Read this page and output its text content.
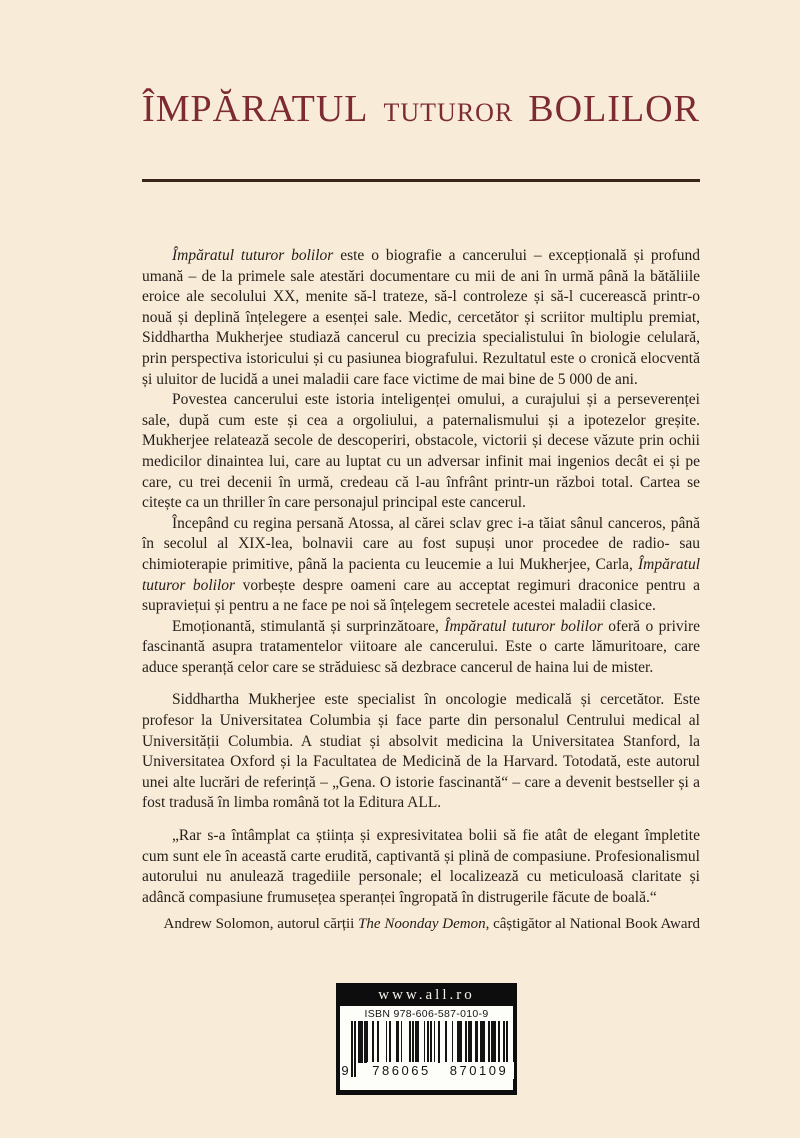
ÎMPĂRATUL TUTUROR BOLILOR

Împăratul tuturor bolilor este o biografie a cancerului – excepțională și profund umană – de la primele sale atestări documentare cu mii de ani în urmă până la bătăliile eroice ale secolului XX, menite să-l trateze, să-l controleze și să-l cucerească printr-o nouă și deplină înțelegere a esenței sale. Medic, cercetător și scriitor multiplu premiat, Siddhartha Mukherjee studiază cancerul cu precizia specialistului în biologie celulară, prin perspectiva istoricului și cu pasiunea biografului. Rezultatul este o cronică elocventă și uluitor de lucidă a unei maladii care face victime de mai bine de 5 000 de ani.

Povestea cancerului este istoria inteligenței omului, a curajului și a perseverenței sale, după cum este și cea a orgoliului, a paternalismului și a ipotezelor greșite. Mukherjee relatează secole de descoperiri, obstacole, victorii și decese văzute prin ochii medicilor dinaintea lui, care au luptat cu un adversar infinit mai ingenios decât ei și pe care, cu trei decenii în urmă, credeau că l-au înfrânt printr-un război total. Cartea se citește ca un thriller în care personajul principal este cancerul.

Începând cu regina persană Atossa, al cărei sclav grec i-a tăiat sânul canceros, până în secolul al XIX-lea, bolnavii care au fost supuși unor procedee de radio- sau chimioterapie primitive, până la pacienta cu leucemie a lui Mukherjee, Carla, Împăratul tuturor bolilor vorbește despre oameni care au acceptat regimuri draconice pentru a supraviețui și pentru a ne face pe noi să înțelegem secretele acestei maladii clasice.

Emoționantă, stimulantă și surprinzătoare, Împăratul tuturor bolilor oferă o privire fascinantă asupra tratamentelor viitoare ale cancerului. Este o carte lămuritoare, care aduce speranță celor care se străduiesc să dezbrace cancerul de haina lui de mister.

Siddhartha Mukherjee este specialist în oncologie medicală și cercetător. Este profesor la Universitatea Columbia și face parte din personalul Centrului medical al Universității Columbia. A studiat și absolvit medicina la Universitatea Stanford, la Universitatea Oxford și la Facultatea de Medicină de la Harvard. Totodată, este autorul unei alte lucrări de referință – „Gena. O istorie fascinantă“ – care a devenit bestseller și a fost tradusă în limba română tot la Editura ALL.

„Rar s-a întâmplat ca știința și expresivitatea bolii să fie atât de elegant împletite cum sunt ele în această carte erudită, captivantă și plină de compasiune. Profesionalismul autorului nu anulează tragediile personale; el localizează cu meticuloasă claritate și adâncă compasiune frumusețea speranței îngropată în distrugerile făcute de boală.“

Andrew Solomon, autorul cărții The Noonday Demon, câștigător al National Book Award

www.all.ro
ISBN 978-606-587-010-9
9	786065	870109
